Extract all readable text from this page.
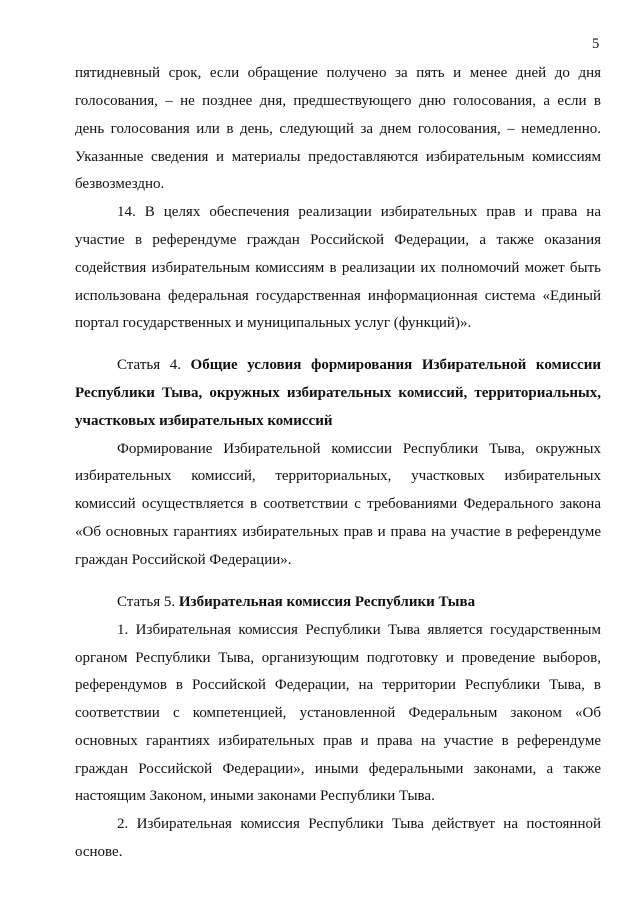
5
пятидневный срок, если обращение получено за пять и менее дней до дня
голосования, – не позднее дня, предшествующего дню голосования, а если в
день голосования или в день, следующий за днем голосования, – немедленно.
Указанные сведения и материалы предоставляются избирательным комиссиям
безвозмездно.
14. В целях обеспечения реализации избирательных прав и права на
участие в референдуме граждан Российской Федерации, а также оказания
содействия избирательным комиссиям в реализации их полномочий может быть
использована федеральная государственная информационная система «Единый
портал государственных и муниципальных услуг (функций)».
Статья 4. Общие условия формирования Избирательной комиссии
Республики Тыва, окружных избирательных комиссий, территориальных,
участковых избирательных комиссий
Формирование Избирательной комиссии Республики Тыва, окружных
избирательных комиссий, территориальных, участковых избирательных
комиссий осуществляется в соответствии с требованиями Федерального закона
«Об основных гарантиях избирательных прав и права на участие в референдуме
граждан Российской Федерации».
Статья 5. Избирательная комиссия Республики Тыва
1. Избирательная комиссия Республики Тыва является государственным
органом Республики Тыва, организующим подготовку и проведение выборов,
референдумов в Российской Федерации, на территории Республики Тыва, в
соответствии с компетенцией, установленной Федеральным законом «Об
основных гарантиях избирательных прав и права на участие в референдуме
граждан Российской Федерации», иными федеральными законами, а также
настоящим Законом, иными законами Республики Тыва.
2. Избирательная комиссия Республики Тыва действует на постоянной
основе.
